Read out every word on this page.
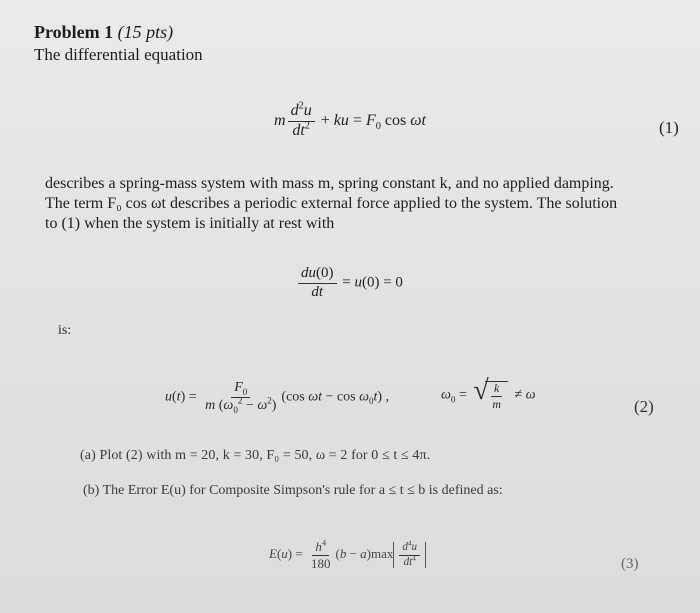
Problem 1 (15 pts)
The differential equation
m $\frac{d^2u}{dt^2}$ + ku = $F_0$ cos ωt	(1)
describes a spring-mass system with mass m, spring constant k, and no applied damping.
The term F₀ cos ωt describes a periodic external force applied to the system. The solution
to (1) when the system is initially at rest with
$\frac{du(0)}{dt} = u(0) = 0$
is:
$u(t) = \frac{F_0}{m (\omega_0^2 - \omega^2)} (\cos$ $\omega t - \cos \omega_0t$) ,	$\omega_0$ = √ $\frac{k}{m} \ne \omega$
(2)
(a) Plot (2) with m = 20, k = 30, F₀ = 50, ω = 2 for 0 ≤ t ≤ 4π.
(b) The Error E(u) for Composite Simpson's rule for a ≤ t ≤ b is defined as:
$E(u) = \frac{h^4}{180} (b - a)\max \frac{d^4u}{dt^4}$	(3)
